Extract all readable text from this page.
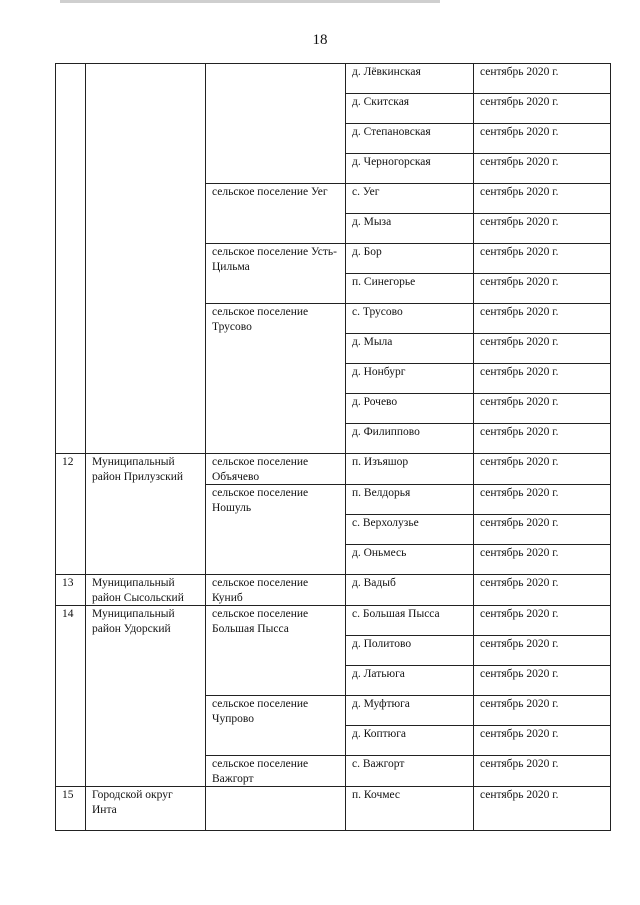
18
			д. Лёвкинская	сентябрь 2020 г.
			д. Скитская	сентябрь 2020 г.
			д. Степановская	сентябрь 2020 г.
			д. Черногорская	сентябрь 2020 г.
		сельское поселение Уег	с. Уег	сентябрь 2020 г.
			д. Мыза	сентябрь 2020 г.
		сельское поселение Усть-Цильма	д. Бор	сентябрь 2020 г.
			п. Синегорье	сентябрь 2020 г.
		сельское поселение Трусово	с. Трусово	сентябрь 2020 г.
			д. Мыла	сентябрь 2020 г.
			д. Нонбург	сентябрь 2020 г.
			д. Рочево	сентябрь 2020 г.
			д. Филиппово	сентябрь 2020 г.
12	Муниципальный район Прилузский	сельское поселение Объячево	п. Изъяшор	сентябрь 2020 г.
		сельское поселение Ношуль	п. Велдорья	сентябрь 2020 г.
			с. Верхолузье	сентябрь 2020 г.
			д. Оньмесь	сентябрь 2020 г.
13	Муниципальный район Сысольский	сельское поселение Куниб	д. Вадыб	сентябрь 2020 г.
14	Муниципальный район Удорский	сельское поселение Большая Пысса	с. Большая Пысса	сентябрь 2020 г.
			д. Политово	сентябрь 2020 г.
			д. Латьюга	сентябрь 2020 г.
		сельское поселение Чупрово	д. Муфтюга	сентябрь 2020 г.
			д. Коптюга	сентябрь 2020 г.
		сельское поселение Важгорт	с. Важгорт	сентябрь 2020 г.
15	Городской округ Инта		п. Кочмес	сентябрь 2020 г.
